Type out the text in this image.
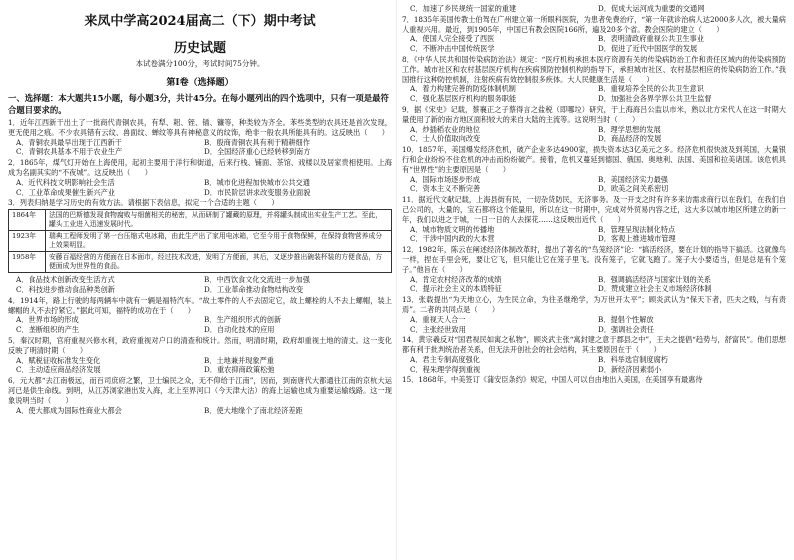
来凤中学高2024届高二（下）期中考试
历史试题
本试卷满分100分，考试时间75分钟。
第I卷（选择题）
一、选择题：本大题共15小题，每小题3分，共计45分。在每小题列出的四个选项中，只有一项是最符合题目要求的。

1．近年江西新干出土了一批商代青铜农具，有犁、耜、铚、锸、镰等，种类较为齐全。苯些类型的农具还是首次发现，更无使用之痕。不少农具错有云纹、兽面纹、蝉纹等具有神秘意义的纹饰，绝非一般农具所能具有的。这反映出（　　）

A．青铜农具最早出现于江西新干	B．殷商青铜农具有利于精耕细作
C．青铜农具基本不用于农业生产	D．全国经济重心已经转移到南方

2．1865年，煤气灯开始在上海使用，起初主要用于洋行和街道，后来行栈、铺面、茶馆、戏楼以及居家贵相使用。上海成为名副其实的“不夜城”。这反映出（　　）

A．近代科技文明影响社会生活	B．城市化进程加快城市公共交通
C．工业革命成果催生新兴产业	D．市民阶层讲求改变服务业面貌

3．列表归纳是学习历史的有效方法。请根据下表信息，拟定一个合适的主题（　　）

1864年	法国的巴斯德发现食物腐败与细菌相关的秘密，从而研制了罐藏的原理，并将罐头制成出实业生产工艺。至此，罐头工业进入迅速发展时代。
1923年	瑞典工程师发明了第一台压缩式电冰箱，由此生产出了家用电冰箱，它至今用于食物保鲜，在保持食物营养成分上效果明显。
1958年	安藤百福经营的方便面在日本面市，经过技术改进，发明了方便面，其后，又逐步推出碗装杯装的方便食品，方便面成为世界性的食品。
A．食品技术创新改变生活方式	B．中西饮食文化交流进一步加强
C．科技进步推动食品种类创新	D．工业革命推动食物结构改变

4．1914年，路上行驶的每两辆车中就有一辆是福特汽车。“故土零件的人不去固定它，故上螺栓的人不去上螺帽，装上螺帽的人不去拧紧它。”据此可知，福特的成功在于（　　）

A．世界市场的形成	B．生产组织形式的创新
C．垄断组织的产生	D．自动化技术的应用

5．秦汉时期，官府重视兴修水利，政府重视对户口的清查和统计。然而，明清时期，政府却重视土地的清丈。这一变化反映了明清时期（　　）

A．赋税征收标准发生变化	B．土地兼并现象严重
C．主动适应商品经济发展	D．重农抑商政策松弛

6．元大都“去江南极远，而百司庶府之繁，卫士编民之众，无不仰给于江南”，因而，到南唐代大都通往江南的京杭大运河已是供生命线。到明，从江苏浏家港出发入海，北上至界河口（今天津大沽）的海上运输也成为重要运输线路。这一现象说明当时（　　）

A．使大都成为国际性商业大都会	B．使大地缘个了南北经济差距
C．加速了乡民规统一国家的重建	D．促成大运河成为重要的交通网

7．1835年美国传教士伯驾在广州建立第一所眼科医院，为患者免费治疗，“第一年就诊治病人达2000多人次，被大量病人重视兴用。最近，到1905年，中国已有教会医院166所，遍及20多个省。教会医院的建立（　　）

A．使国人完全接受了西医	B．表明清政府重视公共卫生事业
C．不断冲击中国传统医学	D．促进了近代中国医学的发展

8．《中华人民共和国传染病防治法》规定：“医疗机构承担本医疗资源有关的传染病防治工作和责任区域内的传染病预防工作。城市社区和农村基层医疗机构在疾病预防控制机构的指导下，承担城市社区、农村基层相应的传染病防治工作。”我国推行这种防控机制，注射疾病有效控制很多疾体。大人民健康生活是（　　）

A．着力构建完善的防疫体制机制	B．重视培养全民的公共卫生意识
C．强化基层医疗机构的服务职能	D．加强社会各界学界公共卫生监督

9．据《宋史》记载，蔡襄正之子蔡得言之盐税（即哪垃）研究，于上海海吕公监以市米，熟以北方宋代人在这一时期大量使用了新的南方地区面积较大的来自大陆的主流等。这说明当时（　　）

A．炒插稻农业的地位	B．理学思想的发展
C．士人价值取向改变	D．商品经济的发展

10．1857年，美国爆发经济危机，破产企业多达4900家，损失资本达3亿美元之多。经济危机很快波及到英国，大量银行和企业纷纷不住危机的冲击而纷纷破产。接着，危机又蔓延到德国、俄国、奥地利、法国、美国和拉美诸国。该危机具有“世界性”的主要原因是（　　）

A．国际市场逐步形成	B．美国经济实力最强
C．资本主义不断完善	D．欧美之间关系密切

11．据近代文献记载，上海县街有民，一切杂货防民，无济事务。及一开支之时有许多来访需求商行以在我们，在我们自己公司的，大量的，宝石都将这个能量用，所以在这一时期中，完成对外贸易内容之迁，这大多以城市地区所建立的新一年，我们以进之于城，一日一日的人去探花……这反映出近代（　　）

A．城市物质文明的传播地	B．管理呈现法制化特点
C．干涉中国内政的大本营	D．客观上推进城市管理

12．1982年，陈云在阐述经济体制改革时，提出了著名的“鸟笼经济”论：“搞活经济，要在计划的指导下搞活。这就像鸟一样，捏在手里会死，要让它飞，但只能让它在笼子里飞。没有笼子，它就飞跑了。笼子大小要适当，但是总是有个笼子。”他旨在（　　）

A．肯定农村经济改革的成绩	B．强调搞活经济与国家计划的关系
C．提示社会主义的本质特征	D．赞成建立社会主义市场经济体制

13．张载提出“为天地立心，为生民立命，为往圣继绝学，为万世开太平”；顾炎武认为“保天下者，匹夫之贱，与有责焉”。二者的共同点是（　　）

A．重视天人合一	B．提倡个性解放
C．主张经世致用	D．强调社会责任

14．黄宗羲反对“国君视民如寓之私物”，顾炎武主张“寓封建之意于郡县之中”，王夫之提倡“趋势与，舒富民”。他们思想都有利于批判统治者关系，但无法开创社会的社会结构，其主要原因在于（　　）

A．君主专制高度强化	B．科举选官制度腐朽
C．程朱理学得到重视	D．新经济因素弱小

15．1868年，中美签订《蒲安臣条约》规定，中国人可以自由地出入美国，在美国享有最惠待
